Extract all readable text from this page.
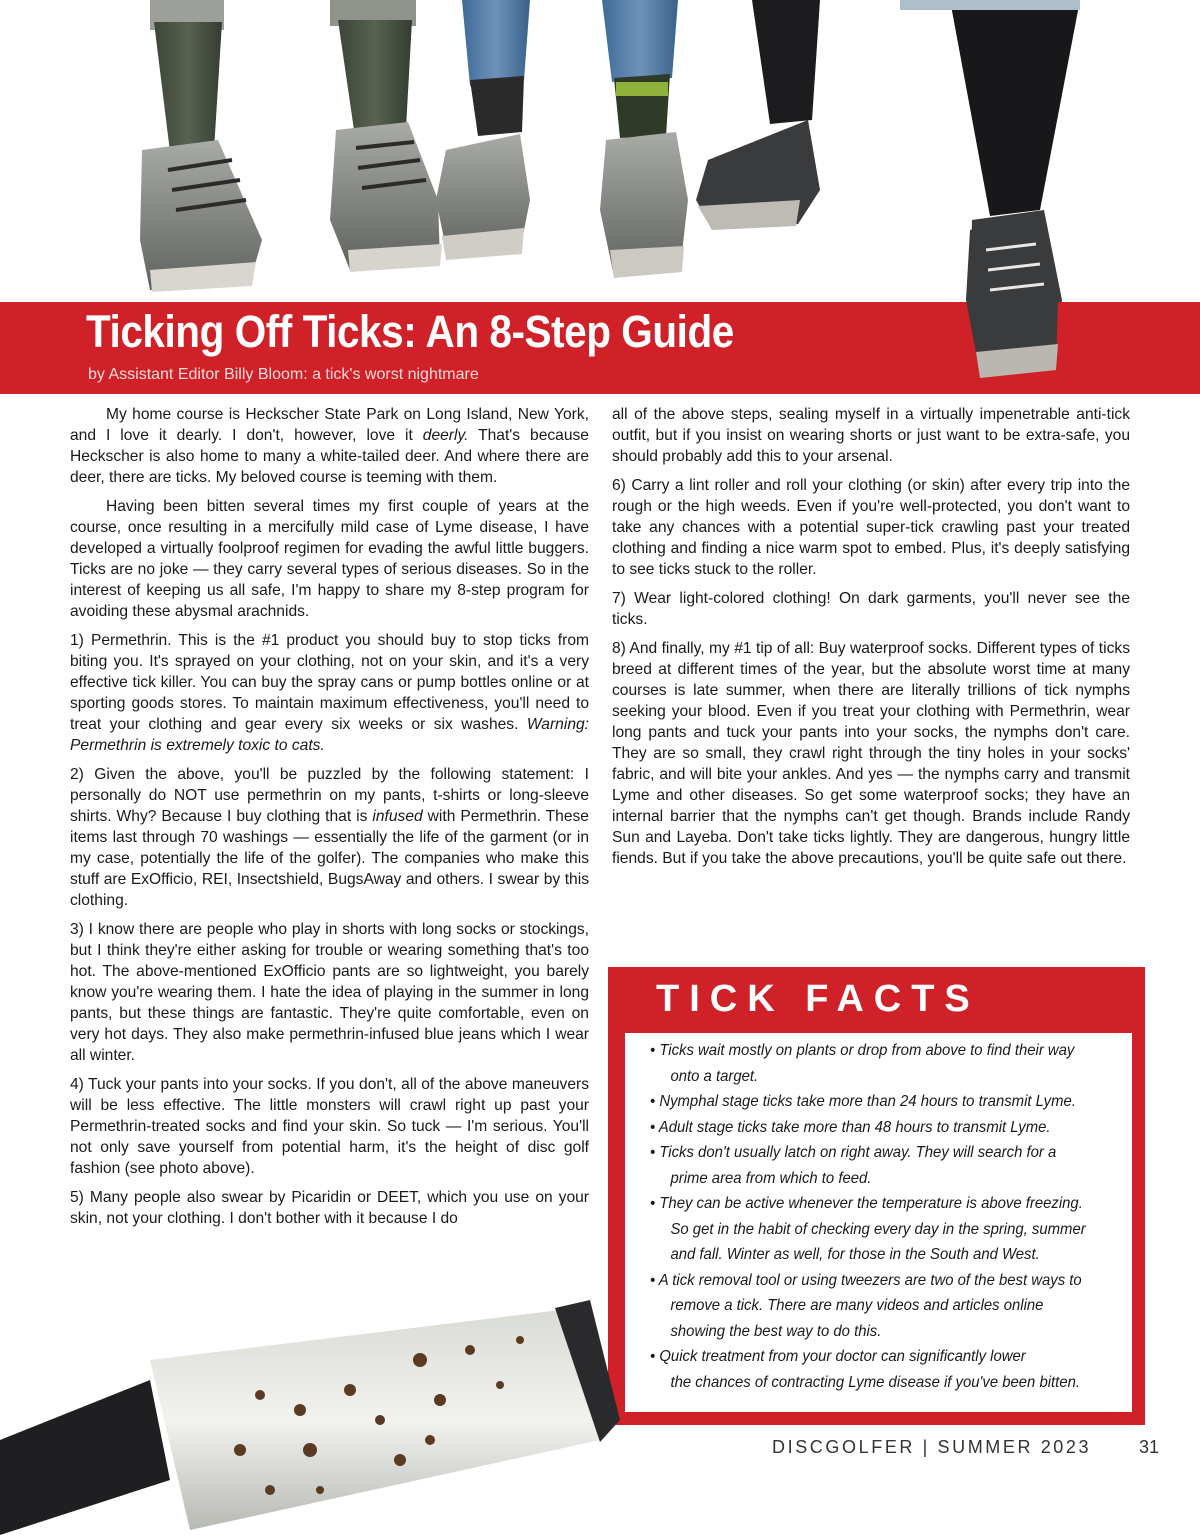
Ticking Off Ticks: An 8-Step Guide
by Assistant Editor Billy Bloom: a tick's worst nightmare

My home course is Heckscher State Park on Long Island, New York, and I love it dearly. I don't, however, love it deerly. That's because Heckscher is also home to many a white-tailed deer. And where there are deer, there are ticks. My beloved course is teeming with them.

Having been bitten several times my first couple of years at the course, once resulting in a mercifully mild case of Lyme disease, I have developed a virtually foolproof regimen for evading the awful little buggers. Ticks are no joke — they carry several types of serious diseases. So in the interest of keeping us all safe, I'm happy to share my 8-step program for avoiding these abysmal arachnids.

1) Permethrin. This is the #1 product you should buy to stop ticks from biting you. It's sprayed on your clothing, not on your skin, and it's a very effective tick killer. You can buy the spray cans or pump bottles online or at sporting goods stores. To maintain maximum effectiveness, you'll need to treat your clothing and gear every six weeks or six washes. Warning: Permethrin is extremely toxic to cats.

2) Given the above, you'll be puzzled by the following statement: I personally do NOT use permethrin on my pants, t-shirts or long-sleeve shirts. Why? Because I buy clothing that is infused with Permethrin. These items last through 70 washings — essentially the life of the garment (or in my case, potentially the life of the golfer). The companies who make this stuff are ExOfficio, REI, Insectshield, BugsAway and others. I swear by this clothing.

3) I know there are people who play in shorts with long socks or stockings, but I think they're either asking for trouble or wearing something that's too hot. The above-mentioned ExOfficio pants are so lightweight, you barely know you're wearing them. I hate the idea of playing in the summer in long pants, but these things are fantastic. They're quite comfortable, even on very hot days. They also make permethrin-infused blue jeans which I wear all winter.

4) Tuck your pants into your socks. If you don't, all of the above maneuvers will be less effective. The little monsters will crawl right up past your Permethrin-treated socks and find your skin. So tuck — I'm serious. You'll not only save yourself from potential harm, it's the height of disc golf fashion (see photo above).

5) Many people also swear by Picaridin or DEET, which you use on your skin, not your clothing. I don't bother with it because I do

all of the above steps, sealing myself in a virtually impenetrable anti-tick outfit, but if you insist on wearing shorts or just want to be extra-safe, you should probably add this to your arsenal.

6) Carry a lint roller and roll your clothing (or skin) after every trip into the rough or the high weeds. Even if you're well-protected, you don't want to take any chances with a potential super-tick crawling past your treated clothing and finding a nice warm spot to embed. Plus, it's deeply satisfying to see ticks stuck to the roller.

7) Wear light-colored clothing! On dark garments, you'll never see the ticks.

8) And finally, my #1 tip of all: Buy waterproof socks. Different types of ticks breed at different times of the year, but the absolute worst time at many courses is late summer, when there are literally trillions of tick nymphs seeking your blood. Even if you treat your clothing with Permethrin, wear long pants and tuck your pants into your socks, the nymphs don't care. They are so small, they crawl right through the tiny holes in your socks' fabric, and will bite your ankles. And yes — the nymphs carry and transmit Lyme and other diseases. So get some waterproof socks; they have an internal barrier that the nymphs can't get though. Brands include Randy Sun and Layeba. Don't take ticks lightly. They are dangerous, hungry little fiends. But if you take the above precautions, you'll be quite safe out there.

TICK FACTS

• Ticks wait mostly on plants or drop from above to find their way
onto a target.

• Nymphal stage ticks take more than 24 hours to transmit Lyme.

• Adult stage ticks take more than 48 hours to transmit Lyme.

• Ticks don't usually latch on right away. They will search for a
prime area from which to feed.

• They can be active whenever the temperature is above freezing.
So get in the habit of checking every day in the spring, summer and fall. Winter as well, for those in the South and West.

• A tick removal tool or using tweezers are two of the best ways to
remove a tick. There are many videos and articles online showing the best way to do this.

• Quick treatment from your doctor can significantly lower
the chances of contracting Lyme disease if you've been bitten.

DISCGOLFER | SUMMER 2023	31
